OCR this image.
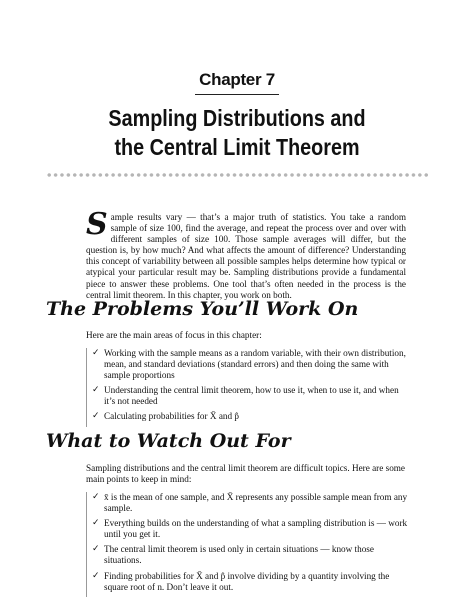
Chapter 7
Sampling Distributions and
the Central Limit Theorem
Sample results vary — that’s a major truth of statistics. You take a random sample of size 100, find the average, and repeat the process over and over with different samples of size 100. Those sample averages will differ, but the question is, by how much? And what affects the amount of difference? Understanding this concept of variability between all possible samples helps determine how typical or atypical your particular result may be. Sampling distributions provide a fundamental piece to answer these problems. One tool that’s often needed in the process is the central limit theorem. In this chapter, you work on both.
The Problems You’ll Work On
Here are the main areas of focus in this chapter:
✓ Working with the sample means as a random variable, with their own distribution, mean, and standard deviations (standard errors) and then doing the same with sample proportions
✓ Understanding the central limit theorem, how to use it, when to use it, and when it’s not needed
✓ Calculating probabilities for X̄ and p̂
What to Watch Out For
Sampling distributions and the central limit theorem are difficult topics. Here are some main points to keep in mind:
✓ x̄ is the mean of one sample, and X̄ represents any possible sample mean from any sample.
✓ Everything builds on the understanding of what a sampling distribution is — work until you get it.
✓ The central limit theorem is used only in certain situations — know those situations.
✓ Finding probabilities for X̄ and p̂ involve dividing by a quantity involving the square root of n. Don’t leave it out.
